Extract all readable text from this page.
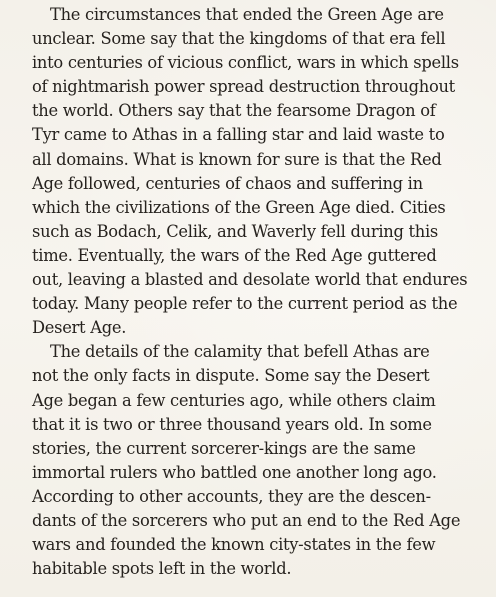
The circumstances that ended the Green Age are
unclear. Some say that the kingdoms of that era fell
into centuries of vicious conflict, wars in which spells
of nightmarish power spread destruction throughout
the world. Others say that the fearsome Dragon of
Tyr came to Athas in a falling star and laid waste to
all domains. What is known for sure is that the Red
Age followed, centuries of chaos and suffering in
which the civilizations of the Green Age died. Cities
such as Bodach, Celik, and Waverly fell during this
time. Eventually, the wars of the Red Age guttered
out, leaving a blasted and desolate world that endures
today. Many people refer to the current period as the
Desert Age.
The details of the calamity that befell Athas are
not the only facts in dispute. Some say the Desert
Age began a few centuries ago, while others claim
that it is two or three thousand years old. In some
stories, the current sorcerer-kings are the same
immortal rulers who battled one another long ago.
According to other accounts, they are the descen-
dants of the sorcerers who put an end to the Red Age
wars and founded the known city-states in the few
habitable spots left in the world.
